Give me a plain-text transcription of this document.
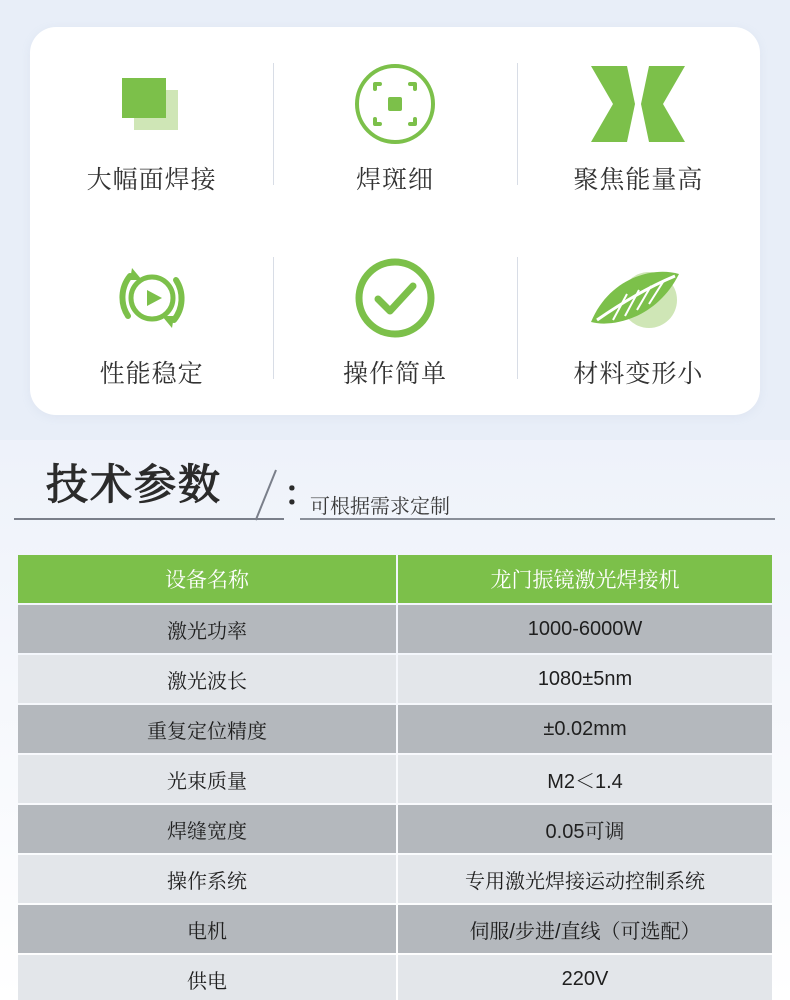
大幅面焊接	焊斑细	聚焦能量高
性能稳定	操作简单	材料变形小
技术参数 ：
可根据需求定制
设备名称	龙门振镜激光焊接机
激光功率	1000-6000W
激光波长	1080±5nm
重复定位精度	±0.02mm
光束质量	M2＜1.4
焊缝宽度	0.05可调
操作系统	专用激光焊接运动控制系统
电机	伺服/步进/直线（可选配）
供电	220V
